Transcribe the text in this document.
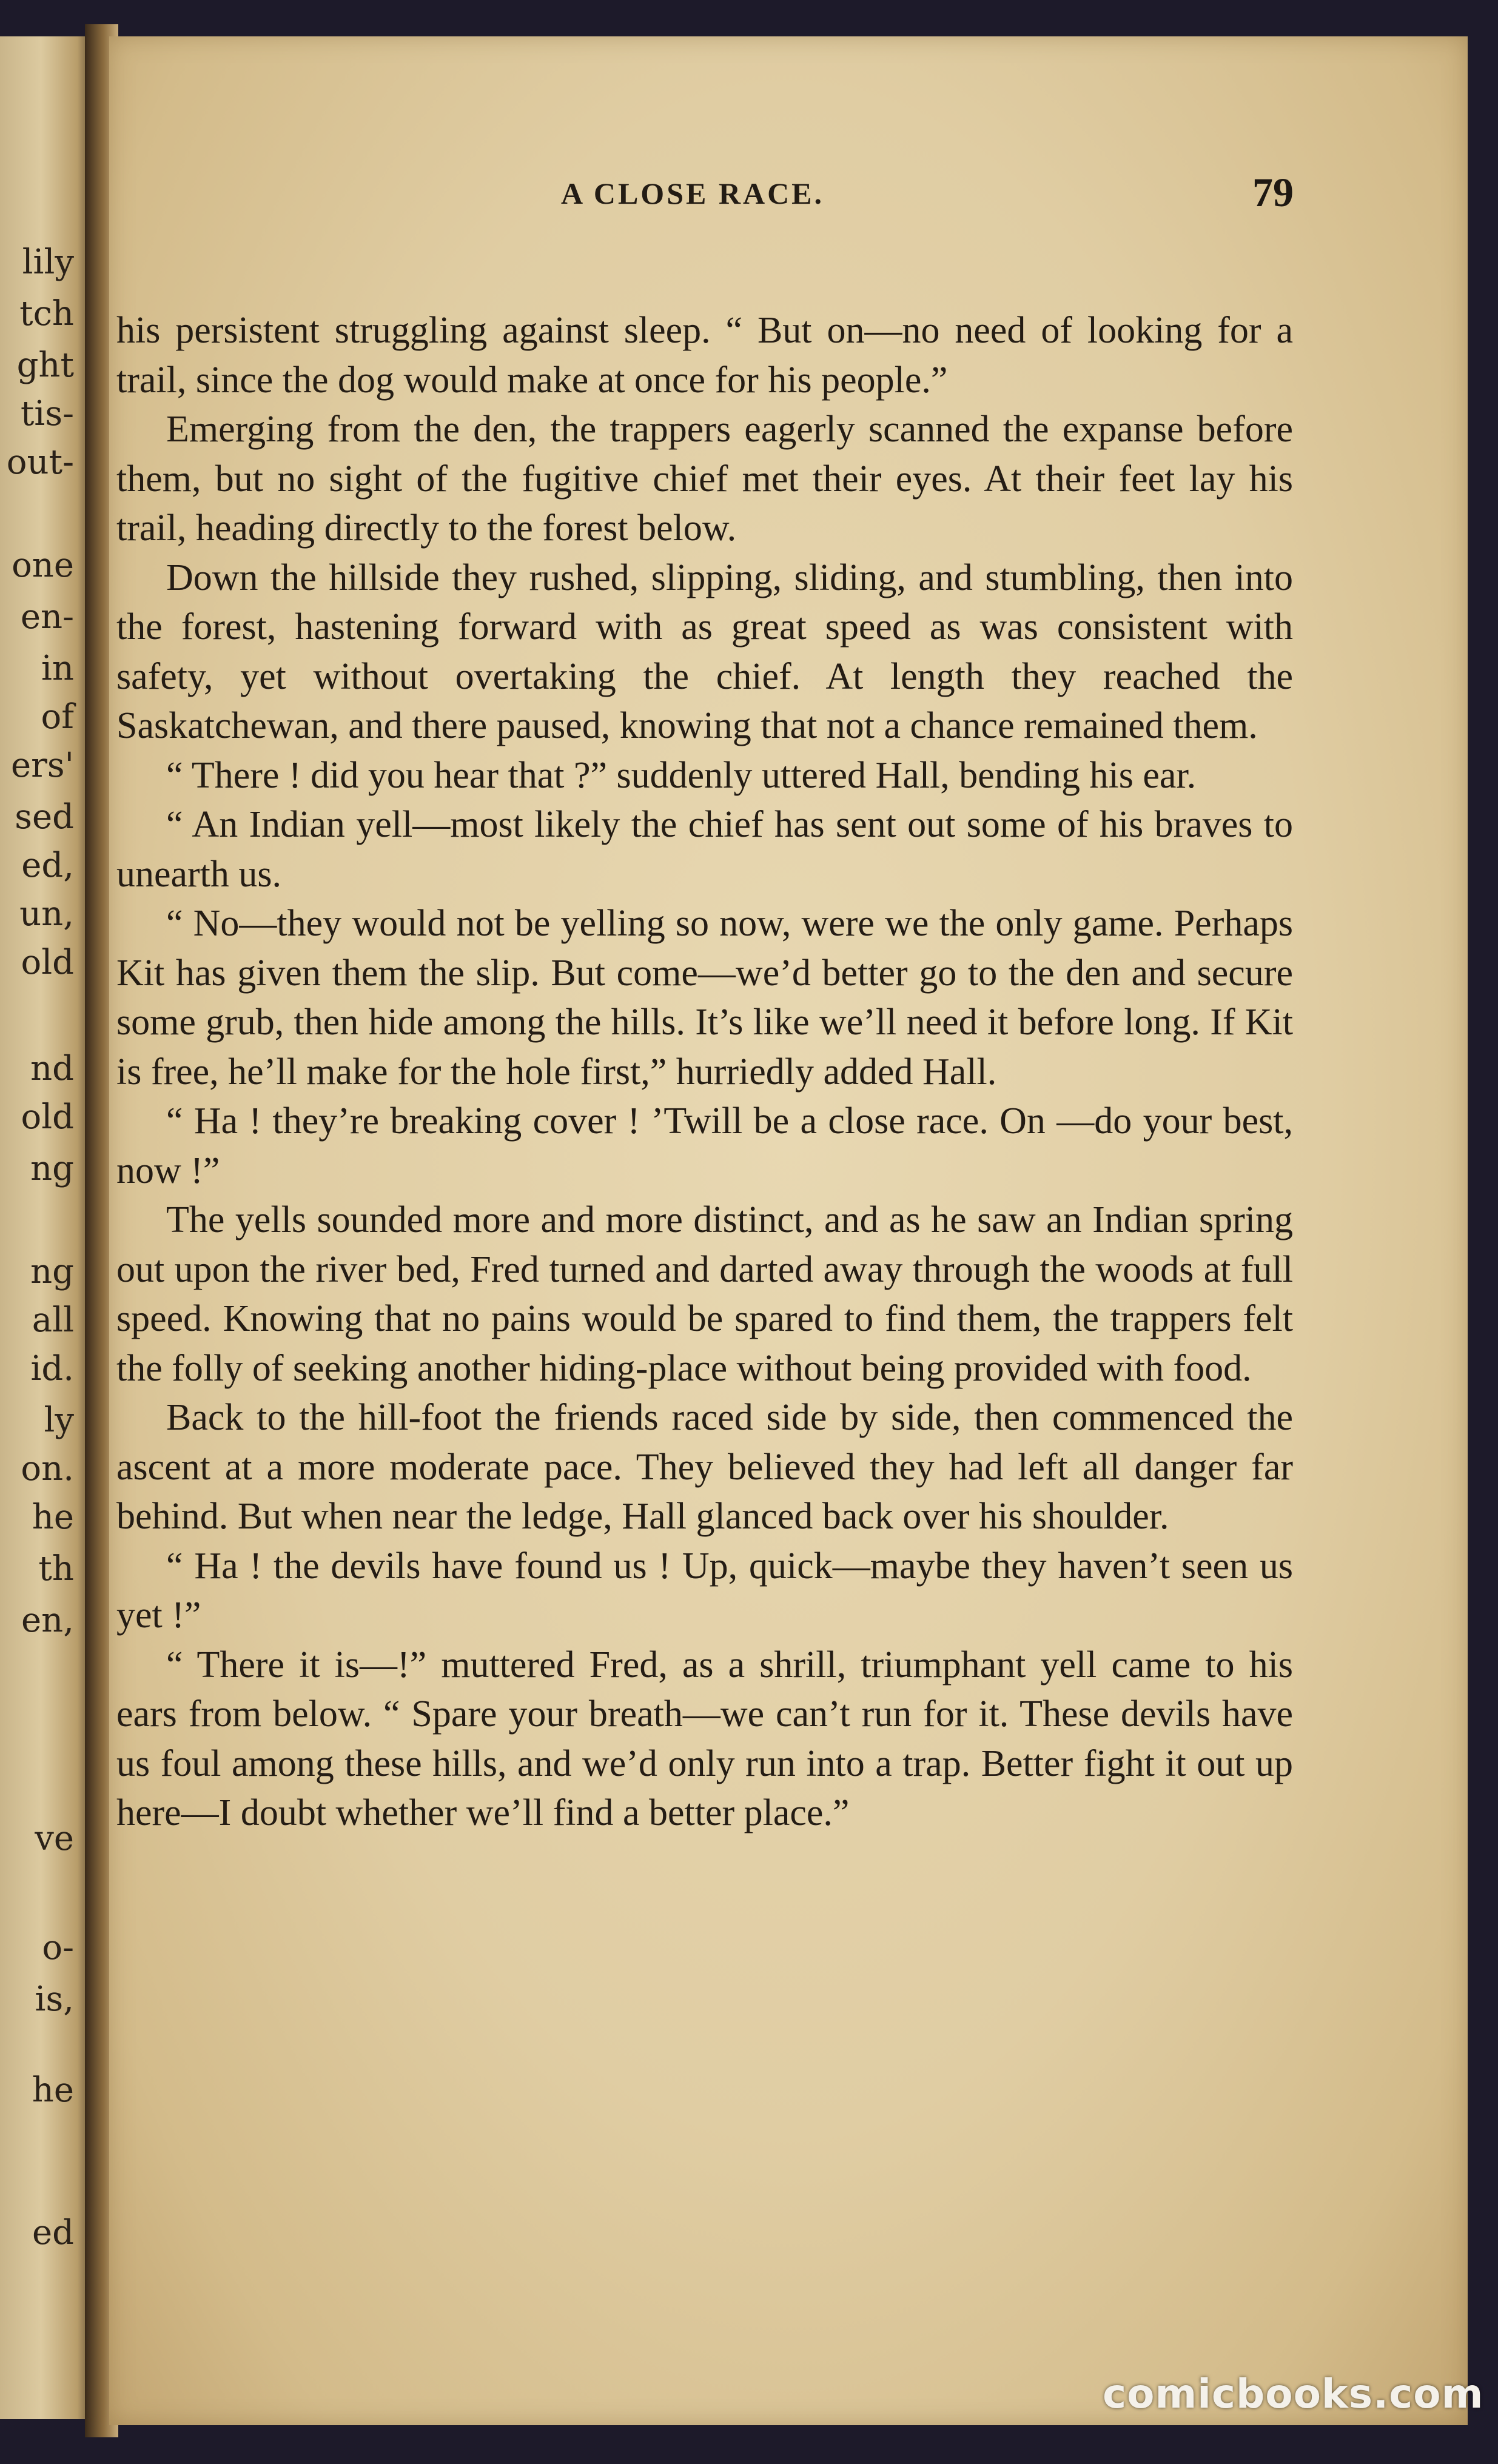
lily
tch
ght
tis-
out-
one
en-
in
of
ers'
sed
ed,
un,
old
nd
old
ng
ng
all
id.
ly
on.
he
th
en,
ve
o-
is,
he
ed
A CLOSE RACE.	79

his persistent struggling against sleep. “ But on—no need of looking for a trail, since the dog would make at once for his people.”

Emerging from the den, the trappers eagerly scanned the expanse before them, but no sight of the fugitive chief met their eyes. At their feet lay his trail, heading directly to the forest below.

Down the hillside they rushed, slipping, sliding, and stumbling, then into the forest, hastening forward with as great speed as was consistent with safety, yet without overtaking the chief. At length they reached the Saskatchewan, and there paused, knowing that not a chance remained them.

“ There ! did you hear that ?” suddenly uttered Hall, bending his ear.

“ An Indian yell—most likely the chief has sent out some of his braves to unearth us.

“ No—they would not be yelling so now, were we the only game. Perhaps Kit has given them the slip. But come—we’d better go to the den and secure some grub, then hide among the hills. It’s like we’ll need it before long. If Kit is free, he’ll make for the hole first,” hurriedly added Hall.

“ Ha ! they’re breaking cover ! ’Twill be a close race. On —do your best, now !”

The yells sounded more and more distinct, and as he saw an Indian spring out upon the river bed, Fred turned and darted away through the woods at full speed. Knowing that no pains would be spared to find them, the trappers felt the folly of seeking another hiding-place without being provided with food.

Back to the hill-foot the friends raced side by side, then commenced the ascent at a more moderate pace. They believed they had left all danger far behind. But when near the ledge, Hall glanced back over his shoulder.

“ Ha ! the devils have found us ! Up, quick—maybe they haven’t seen us yet !”

“ There it is—!” muttered Fred, as a shrill, triumphant yell came to his ears from below. “ Spare your breath—we can’t run for it. These devils have us foul among these hills, and we’d only run into a trap. Better fight it out up here—I doubt whether we’ll find a better place.”

comicbooks.com
